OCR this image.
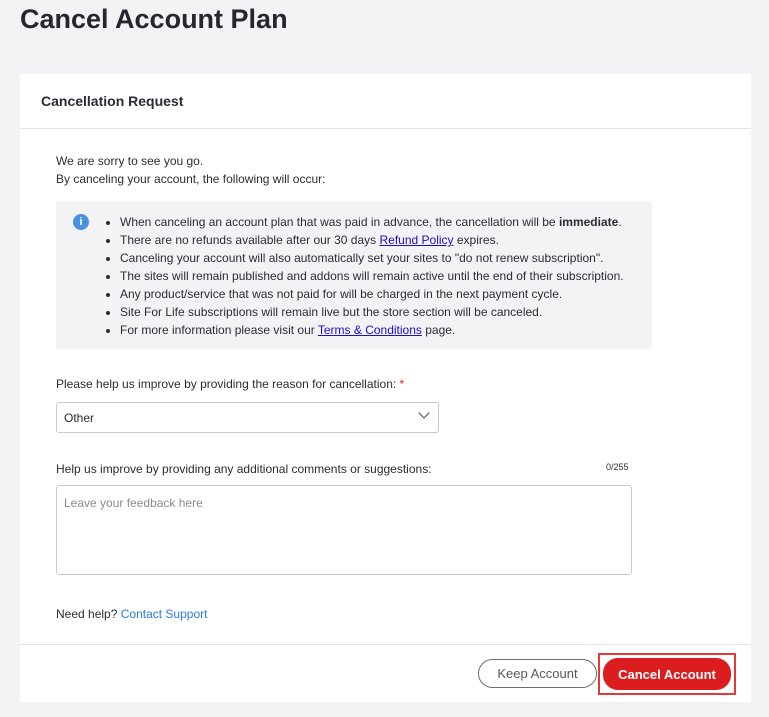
Cancel Account Plan
Cancellation Request
We are sorry to see you go.
By canceling your account, the following will occur:
i	• When canceling an account plan that was paid in advance, the cancellation will be immediate.
• There are no refunds available after our 30 days Refund Policy expires.
• Canceling your account will also automatically set your sites to "do not renew subscription".
• The sites will remain published and addons will remain active until the end of their subscription.
• Any product/service that was not paid for will be charged in the next payment cycle.
• Site For Life subscriptions will remain live but the store section will be canceled.
• For more information please visit our Terms & Conditions page.
Please help us improve by providing the reason for cancellation: *
Other
Help us improve by providing any additional comments or suggestions:	0/255
Leave your feedback here
Need help? Contact Support
Keep Account	Cancel Account
